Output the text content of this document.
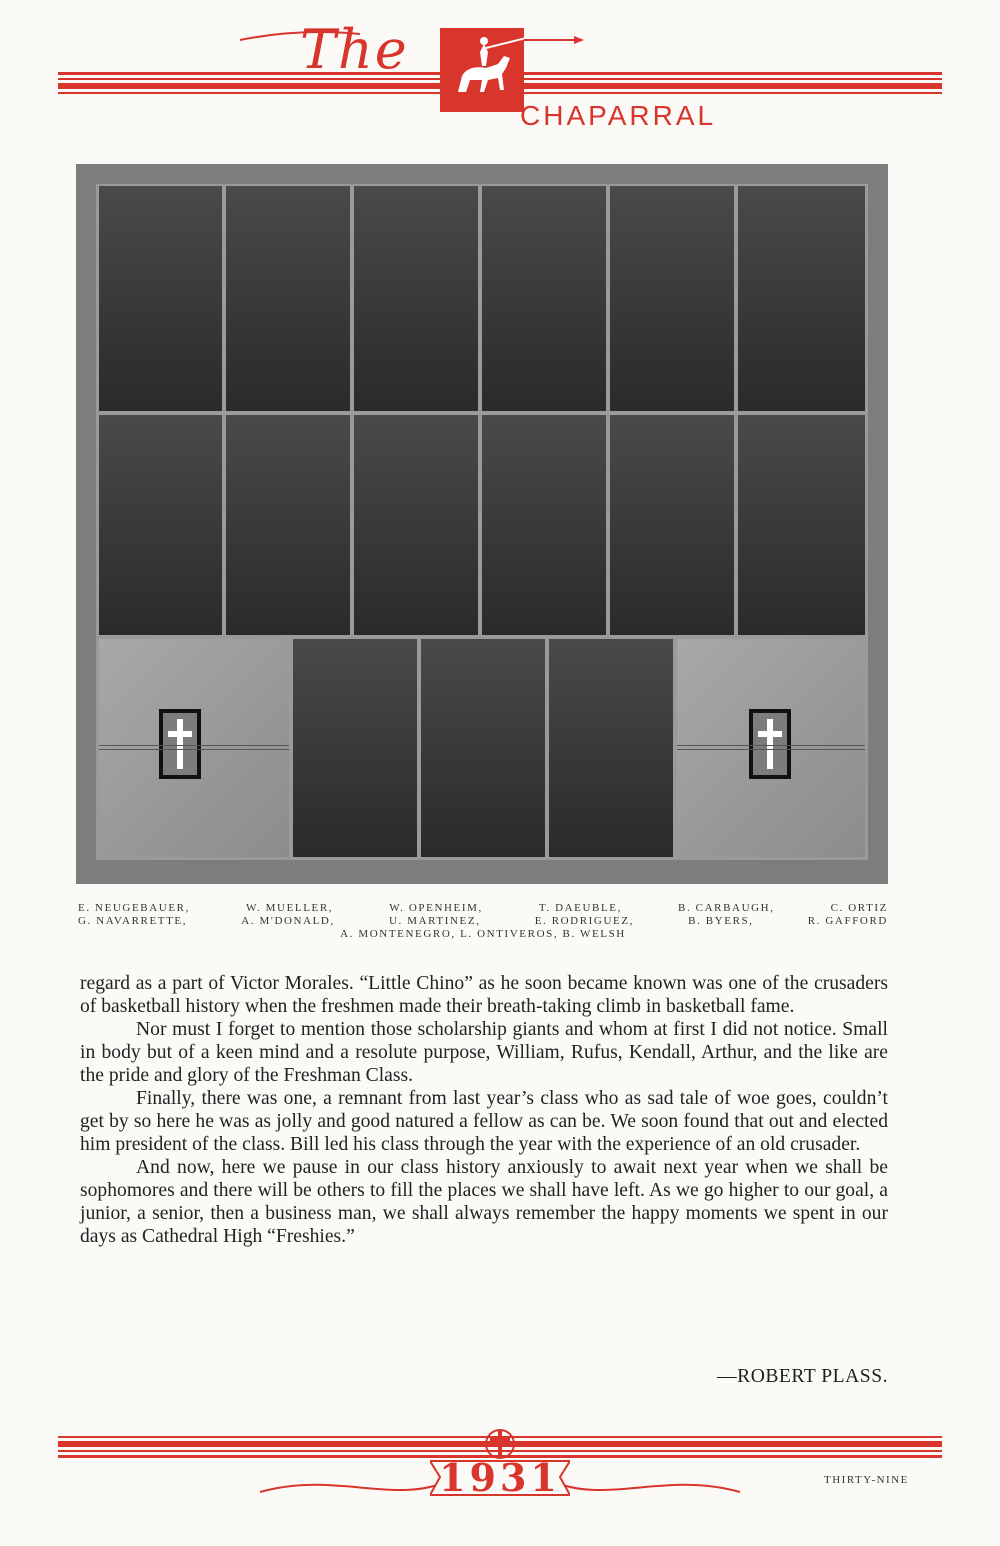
The
CHAPARRAL
E. NEUGEBAUER,	W. MUELLER,	W. OPENHEIM,	T. DAEUBLE,	B. CARBAUGH,	C. ORTIZ
G. NAVARRETTE,	A. M'DONALD,	U. MARTINEZ,	E. RODRIGUEZ,	B. BYERS,	R. GAFFORD
A. MONTENEGRO, L. ONTIVEROS, B. WELSH

regard as a part of Victor Morales. “Little Chino” as he soon became known was one of the crusaders of basketball history when the freshmen made their breath-taking climb in basketball fame.

Nor must I forget to mention those scholarship giants and whom at first I did not notice. Small in body but of a keen mind and a resolute purpose, William, Rufus, Kendall, Arthur, and the like are the pride and glory of the Freshman Class.

Finally, there was one, a remnant from last year’s class who as sad tale of woe goes, couldn’t get by so here he was as jolly and good natured a fellow as can be. We soon found that out and elected him president of the class. Bill led his class through the year with the experience of an old crusader.

And now, here we pause in our class history anxiously to await next year when we shall be sophomores and there will be others to fill the places we shall have left. As we go higher to our goal, a junior, a senior, then a business man, we shall always remember the happy moments we spent in our days as Cathedral High “Freshies.”

—ROBERT PLASS.
1931	THIRTY-NINE
